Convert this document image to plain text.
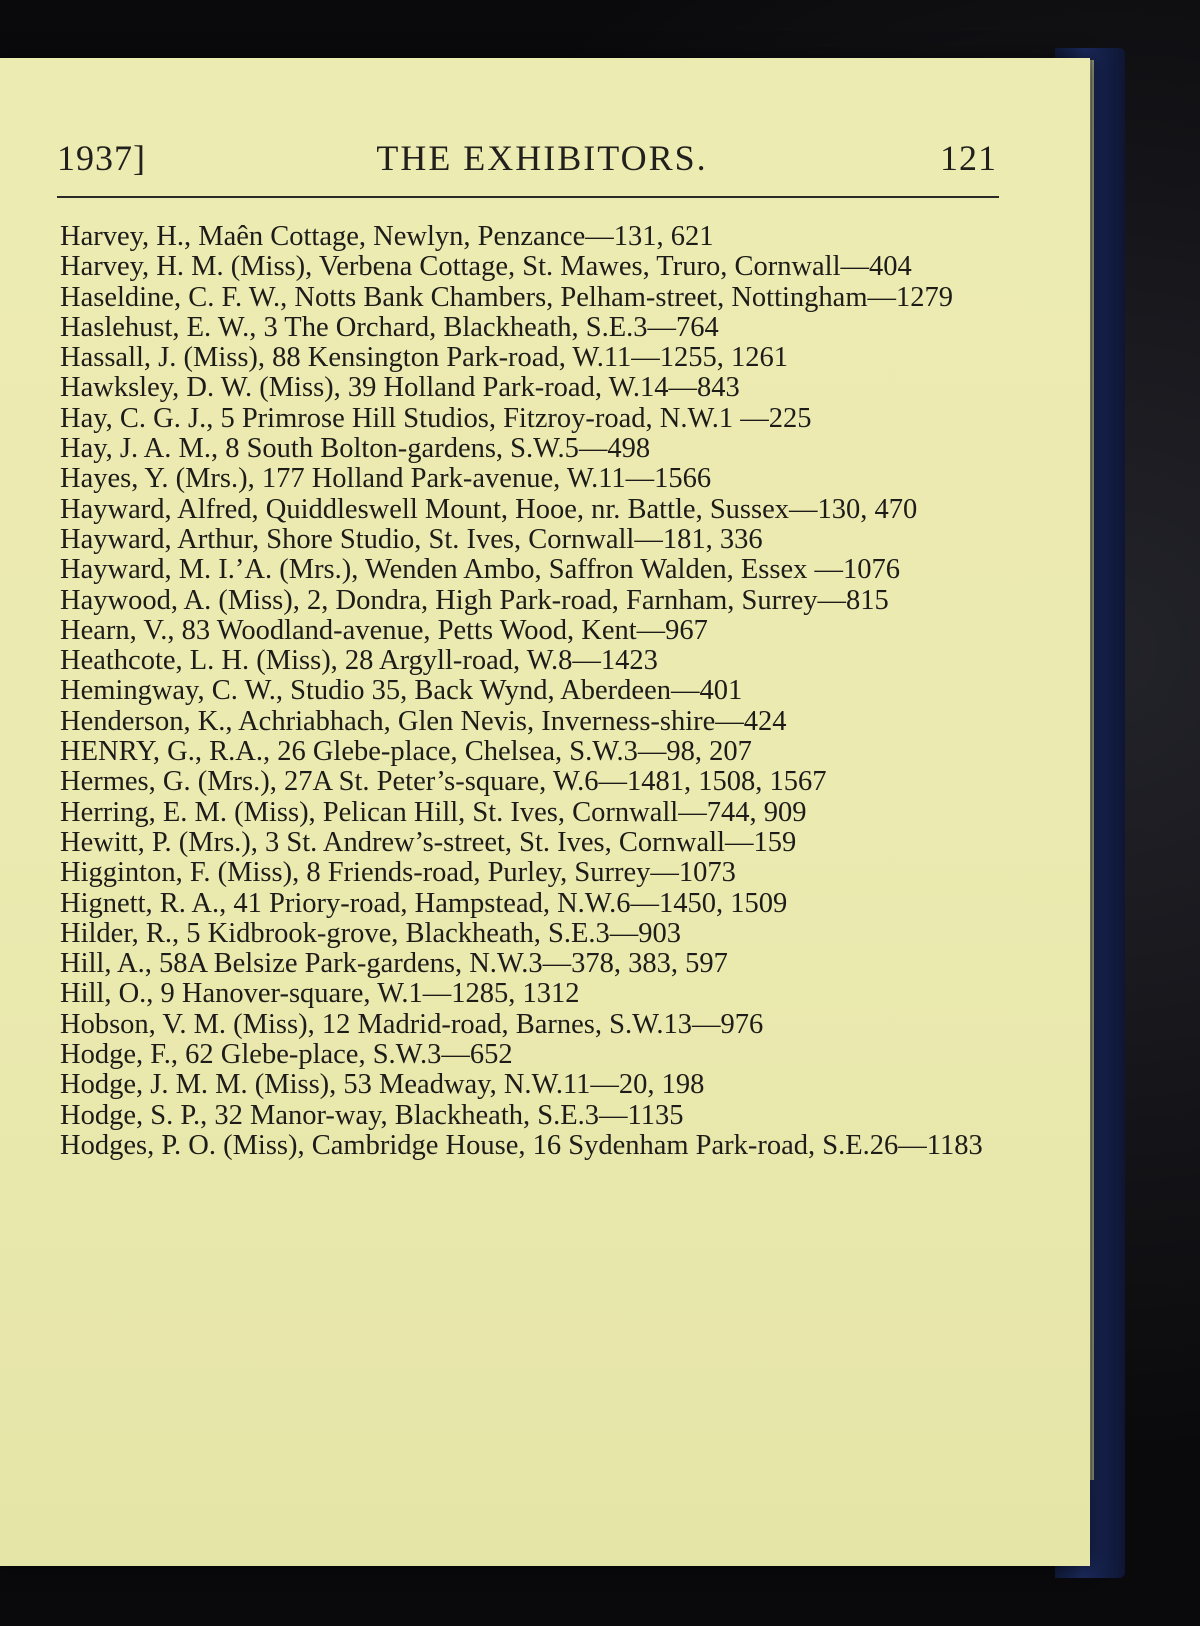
1937]	THE EXHIBITORS.	121

Harvey, H., Maên Cottage, Newlyn, Penzance—131, 621

Harvey, H. M. (Miss), Verbena Cottage, St. Mawes, Truro, Cornwall—404

Haseldine, C. F. W., Notts Bank Chambers, Pelham-street, Nottingham—1279

Haslehust, E. W., 3 The Orchard, Blackheath, S.E.3—764

Hassall, J. (Miss), 88 Kensington Park-road, W.11—1255, 1261

Hawksley, D. W. (Miss), 39 Holland Park-road, W.14—843

Hay, C. G. J., 5 Primrose Hill Studios, Fitzroy-road, N.W.1 —225

Hay, J. A. M., 8 South Bolton-gardens, S.W.5—498

Hayes, Y. (Mrs.), 177 Holland Park-avenue, W.11—1566

Hayward, Alfred, Quiddleswell Mount, Hooe, nr. Battle, Sussex—130, 470

Hayward, Arthur, Shore Studio, St. Ives, Cornwall—181, 336

Hayward, M. I.’A. (Mrs.), Wenden Ambo, Saffron Walden, Essex —1076

Haywood, A. (Miss), 2, Dondra, High Park-road, Farnham, Surrey—815

Hearn, V., 83 Woodland-avenue, Petts Wood, Kent—967

Heathcote, L. H. (Miss), 28 Argyll-road, W.8—1423

Hemingway, C. W., Studio 35, Back Wynd, Aberdeen—401

Henderson, K., Achriabhach, Glen Nevis, Inverness-shire—424

HENRY, G., R.A., 26 Glebe-place, Chelsea, S.W.3—98, 207

Hermes, G. (Mrs.), 27A St. Peter’s-square, W.6—1481, 1508, 1567

Herring, E. M. (Miss), Pelican Hill, St. Ives, Cornwall—744, 909

Hewitt, P. (Mrs.), 3 St. Andrew’s-street, St. Ives, Cornwall—159

Higginton, F. (Miss), 8 Friends-road, Purley, Surrey—1073

Hignett, R. A., 41 Priory-road, Hampstead, N.W.6—1450, 1509

Hilder, R., 5 Kidbrook-grove, Blackheath, S.E.3—903

Hill, A., 58A Belsize Park-gardens, N.W.3—378, 383, 597

Hill, O., 9 Hanover-square, W.1—1285, 1312

Hobson, V. M. (Miss), 12 Madrid-road, Barnes, S.W.13—976

Hodge, F., 62 Glebe-place, S.W.3—652

Hodge, J. M. M. (Miss), 53 Meadway, N.W.11—20, 198

Hodge, S. P., 32 Manor-way, Blackheath, S.E.3—1135

Hodges, P. O. (Miss), Cambridge House, 16 Sydenham Park-road, S.E.26—1183
